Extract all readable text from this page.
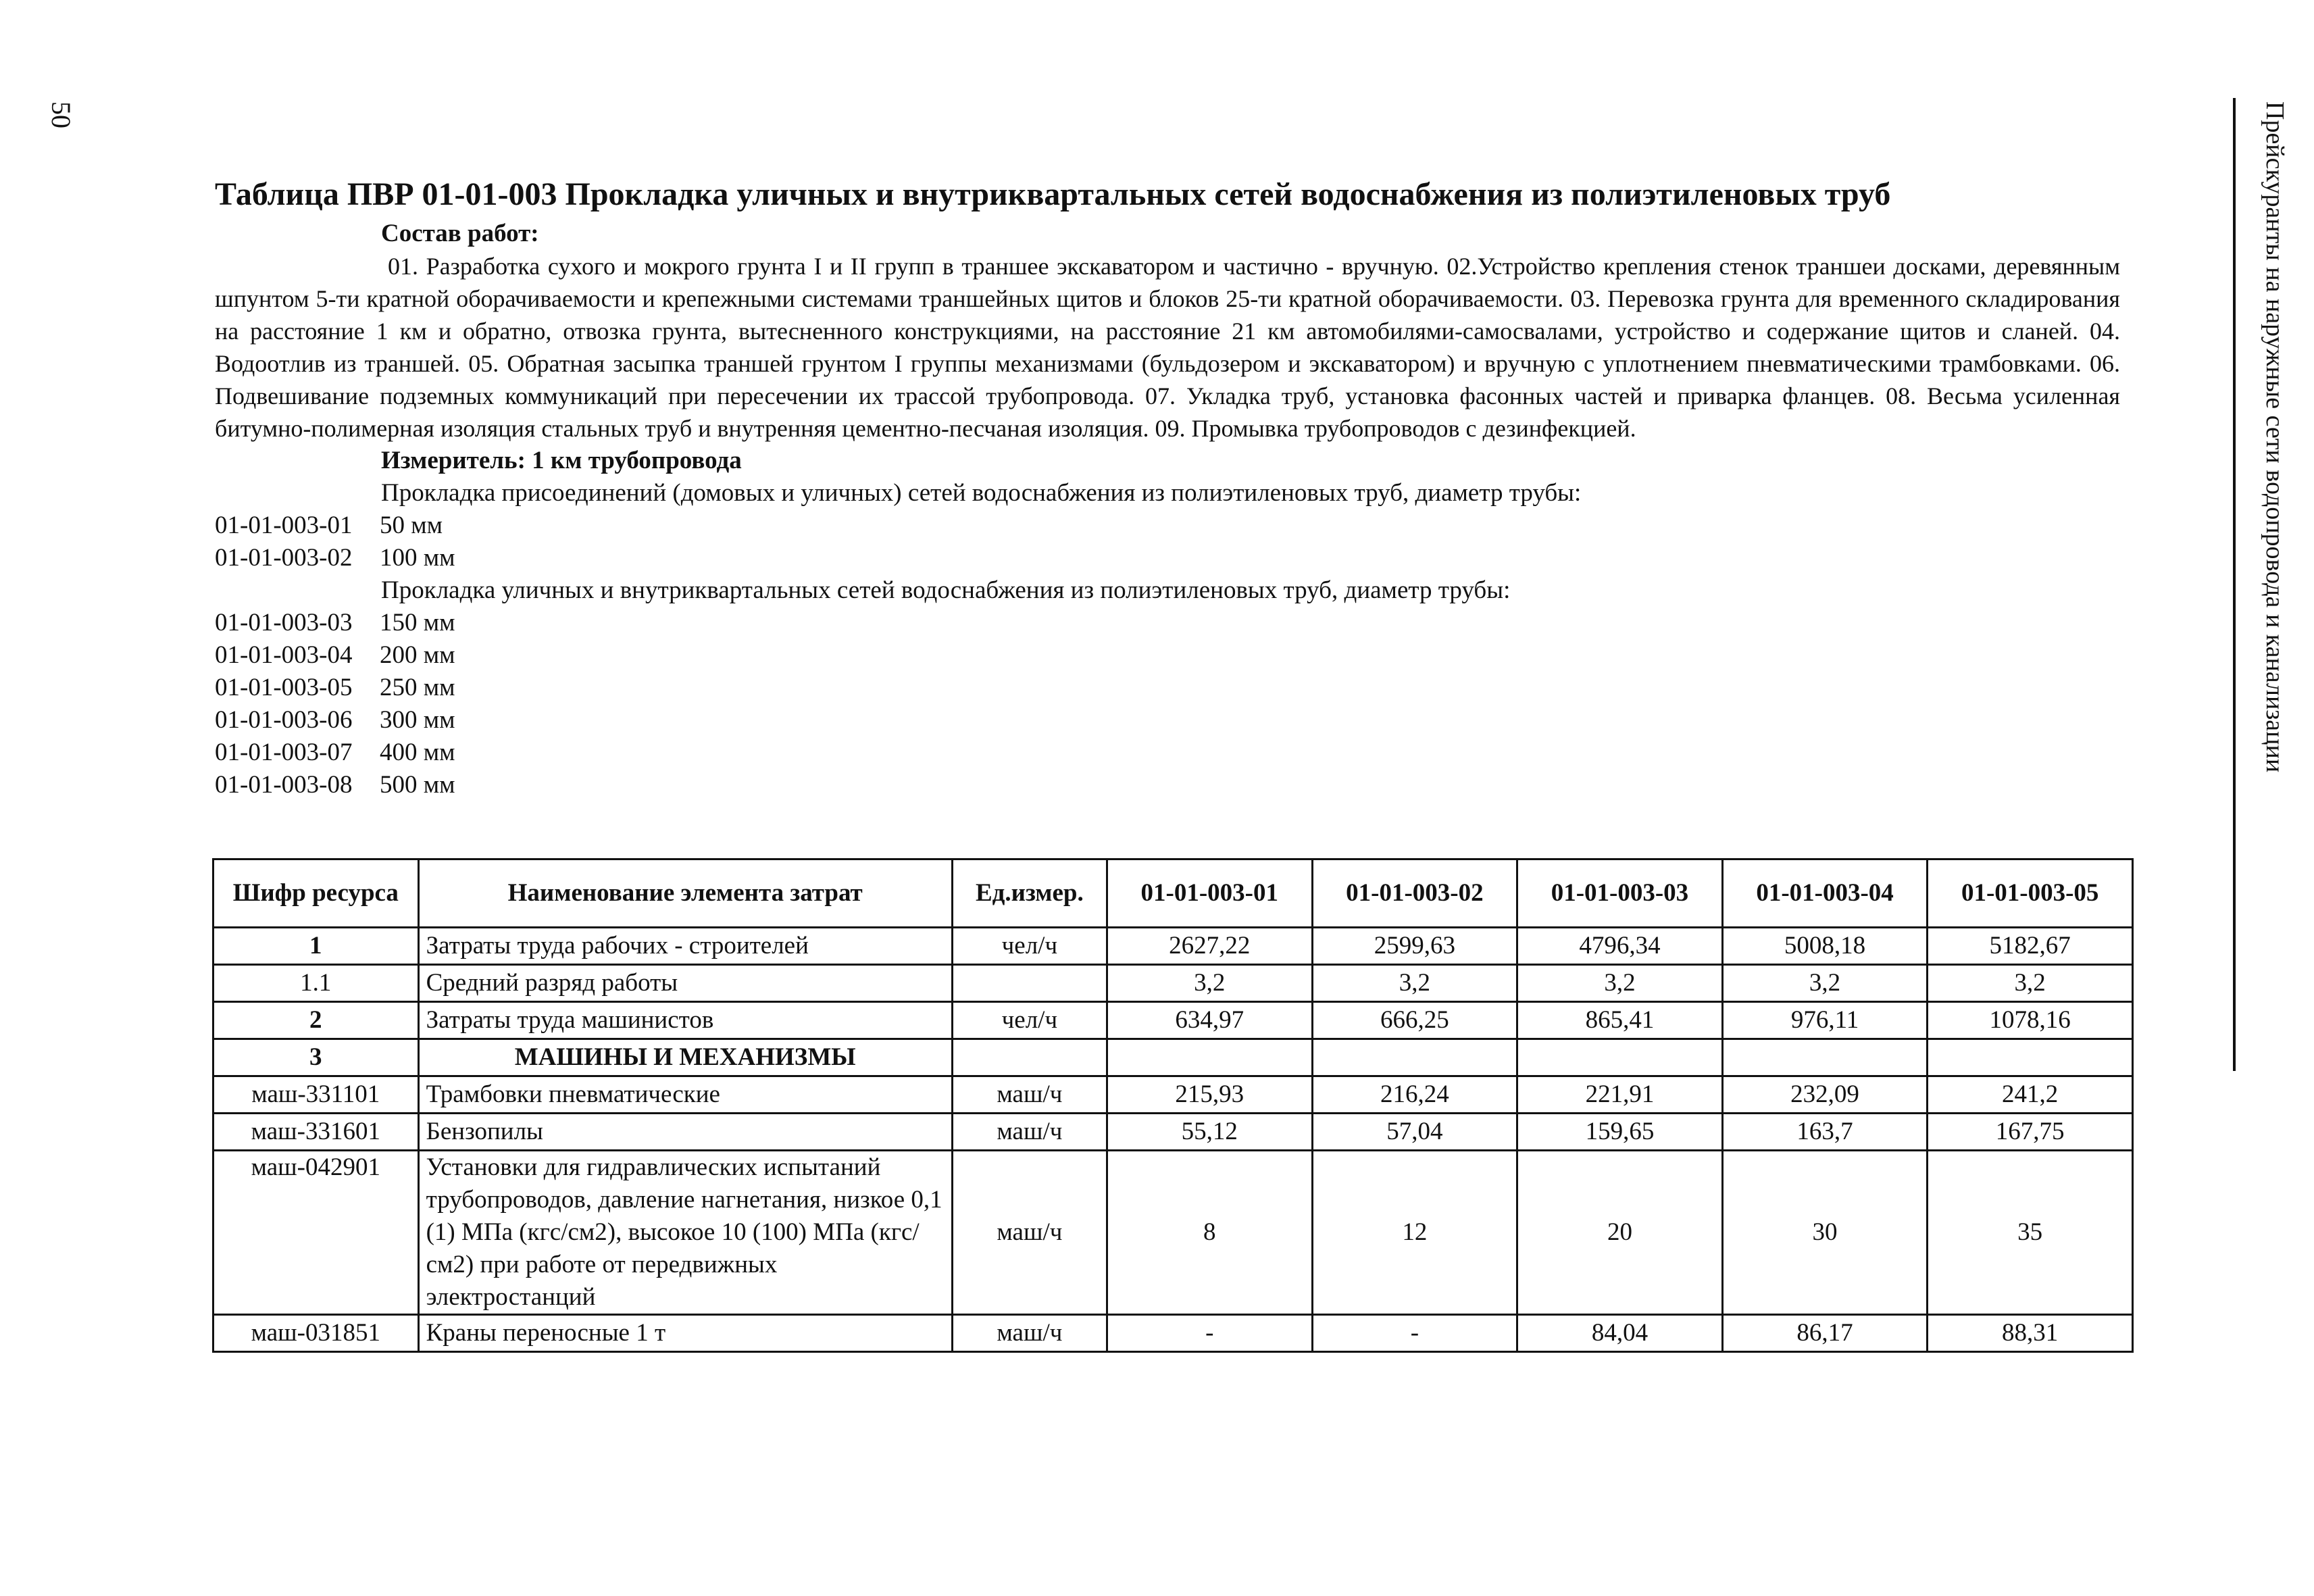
50	Прейскуранты на наружные сети водопровода и канализации
Таблица ПВР 01-01-003 Прокладка уличных и внутриквартальных сетей водоснабжения из полиэтиленовых труб
Состав работ:

01. Разработка сухого и мокрого грунта I и II групп в траншее экскаватором и частично - вручную. 02.Устройство крепления стенок траншеи досками, деревянным шпунтом 5-ти кратной оборачиваемости и крепежными системами траншейных щитов и блоков 25-ти кратной оборачиваемости. 03. Перевозка грунта для временного складирования на расстояние 1 км и обратно, отвозка грунта, вытесненного конструкциями, на расстояние 21 км автомобилями-самосвалами, устройство и содержание щитов и сланей. 04. Водоотлив из траншей. 05. Обратная засыпка траншей грунтом I группы механизмами (бульдозером и экскаватором) и вручную с уплотнением пневматическими трамбовками. 06. Подвешивание подземных коммуникаций при пересечении их трассой трубопровода. 07. Укладка труб, установка фасонных частей и приварка фланцев. 08. Весьма усиленная битумно-полимерная изоляция стальных труб и внутренняя цементно-песчаная изоляция. 09. Промывка трубопроводов с дезинфекцией.

Измеритель: 1 км трубопровода
Прокладка присоединений (домовых и уличных) сетей водоснабжения из полиэтиленовых труб, диаметр трубы:
01-01-003-01 50 мм
01-01-003-02 100 мм
Прокладка уличных и внутриквартальных сетей водоснабжения из полиэтиленовых труб, диаметр трубы:
01-01-003-03 150 мм
01-01-003-04 200 мм
01-01-003-05 250 мм
01-01-003-06 300 мм
01-01-003-07 400 мм
01-01-003-08 500 мм
Шифр ресурса	Наименование элемента затрат	Ед.измер.	01-01-003-01	01-01-003-02	01-01-003-03	01-01-003-04	01-01-003-05
1	Затраты труда рабочих - строителей	чел/ч	2627,22	2599,63	4796,34	5008,18	5182,67
1.1	Средний разряд работы		3,2	3,2	3,2	3,2	3,2
2	Затраты труда машинистов	чел/ч	634,97	666,25	865,41	976,11	1078,16
3	МАШИНЫ И МЕХАНИЗМЫ						
маш-331101	Трамбовки пневматические	маш/ч	215,93	216,24	221,91	232,09	241,2
маш-331601	Бензопилы	маш/ч	55,12	57,04	159,65	163,7	167,75
маш-042901	Установки для гидравлических испытаний трубопроводов, давление нагнетания, низкое 0,1 (1) МПа (кгс/см2), высокое 10 (100) МПа (кгс/см2) при работе от передвижных электростанций	маш/ч	8	12	20	30	35
маш-031851	Краны переносные 1 т	маш/ч	-	-	84,04	86,17	88,31
